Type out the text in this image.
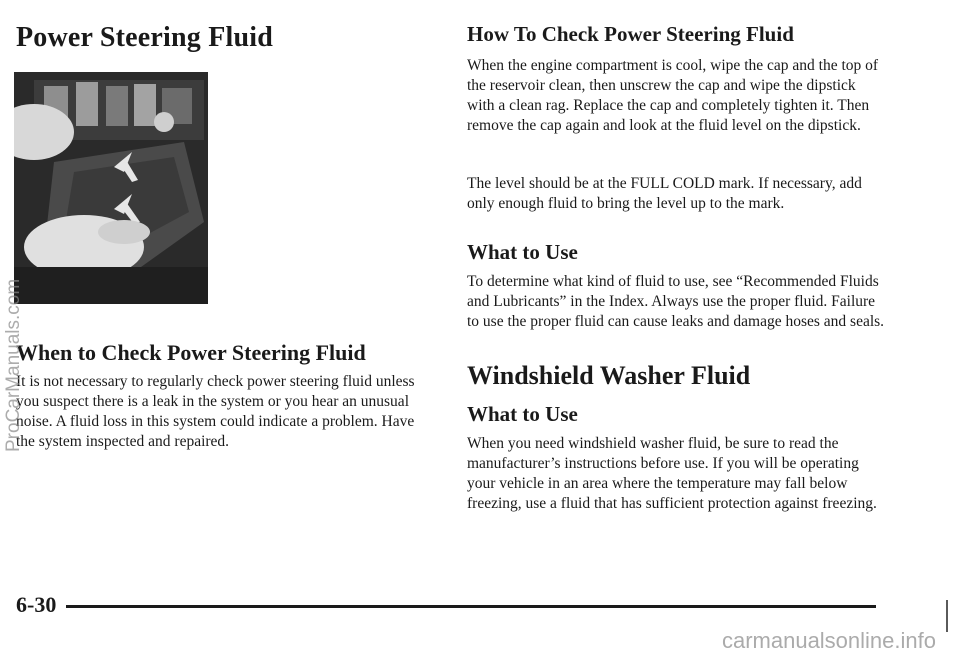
Power Steering Fluid
When to Check Power Steering Fluid

It is not necessary to regularly check power steering fluid unless you suspect there is a leak in the system or you hear an unusual noise. A fluid loss in this system could indicate a problem. Have the system inspected and repaired.

How To Check Power Steering Fluid

When the engine compartment is cool, wipe the cap and the top of the reservoir clean, then unscrew the cap and wipe the dipstick with a clean rag. Replace the cap and completely tighten it. Then remove the cap again and look at the fluid level on the dipstick.

The level should be at the FULL COLD mark. If necessary, add only enough fluid to bring the level up to the mark.

What to Use

To determine what kind of fluid to use, see “Recommended Fluids and Lubricants” in the Index. Always use the proper fluid. Failure to use the proper fluid can cause leaks and damage hoses and seals.

Windshield Washer Fluid
What to Use

When you need windshield washer fluid, be sure to read the manufacturer’s instructions before use. If you will be operating your vehicle in an area where the temperature may fall below freezing, use a fluid that has sufficient protection against freezing.

6-30
ProCarManuals.com
carmanualsonline.info
